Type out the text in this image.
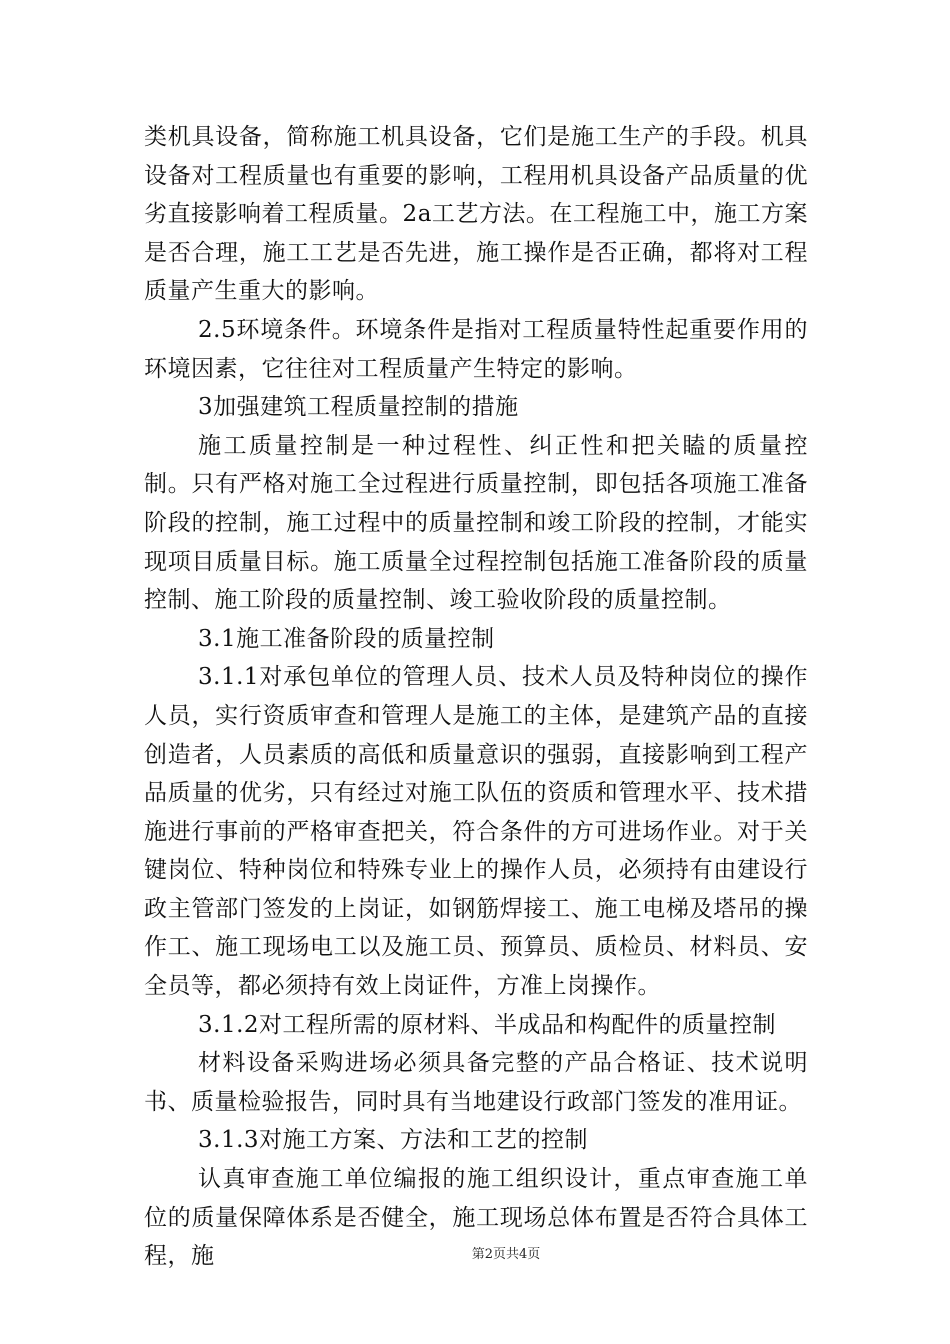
类机具设备，简称施工机具设备，它们是施工生产的手段。机具设备对工程质量也有重要的影响，工程用机具设备产品质量的优劣直接影响着工程质量。2a工艺方法。在工程施工中，施工方案是否合理，施工工艺是否先进，施工操作是否正确，都将对工程质量产生重大的影响。

2.5环境条件。环境条件是指对工程质量特性起重要作用的环境因素，它往往对工程质量产生特定的影响。

3加强建筑工程质量控制的措施

施工质量控制是一种过程性、纠正性和把关瞌的质量控制。只有严格对施工全过程进行质量控制，即包括各项施工准备阶段的控制，施工过程中的质量控制和竣工阶段的控制，才能实现项目质量目标。施工质量全过程控制包括施工准备阶段的质量控制、施工阶段的质量控制、竣工验收阶段的质量控制。

3.1施工准备阶段的质量控制

3.1.1对承包单位的管理人员、技术人员及特种岗位的操作人员，实行资质审查和管理人是施工的主体，是建筑产品的直接创造者，人员素质的高低和质量意识的强弱，直接影响到工程产品质量的优劣，只有经过对施工队伍的资质和管理水平、技术措施进行事前的严格审查把关，符合条件的方可进场作业。对于关键岗位、特种岗位和特殊专业上的操作人员，必须持有由建设行政主管部门签发的上岗证，如钢筋焊接工、施工电梯及塔吊的操作工、施工现场电工以及施工员、预算员、质检员、材料员、安全员等，都必须持有效上岗证件，方准上岗操作。

3.1.2对工程所需的原材料、半成品和构配件的质量控制

材料设备采购进场必须具备完整的产品合格证、技术说明书、质量检验报告，同时具有当地建设行政部门签发的准用证。

3.1.3对施工方案、方法和工艺的控制

认真审查施工单位编报的施工组织设计，重点审查施工单位的质量保障体系是否健全，施工现场总体布置是否符合具体工程，施	第2页共4页
